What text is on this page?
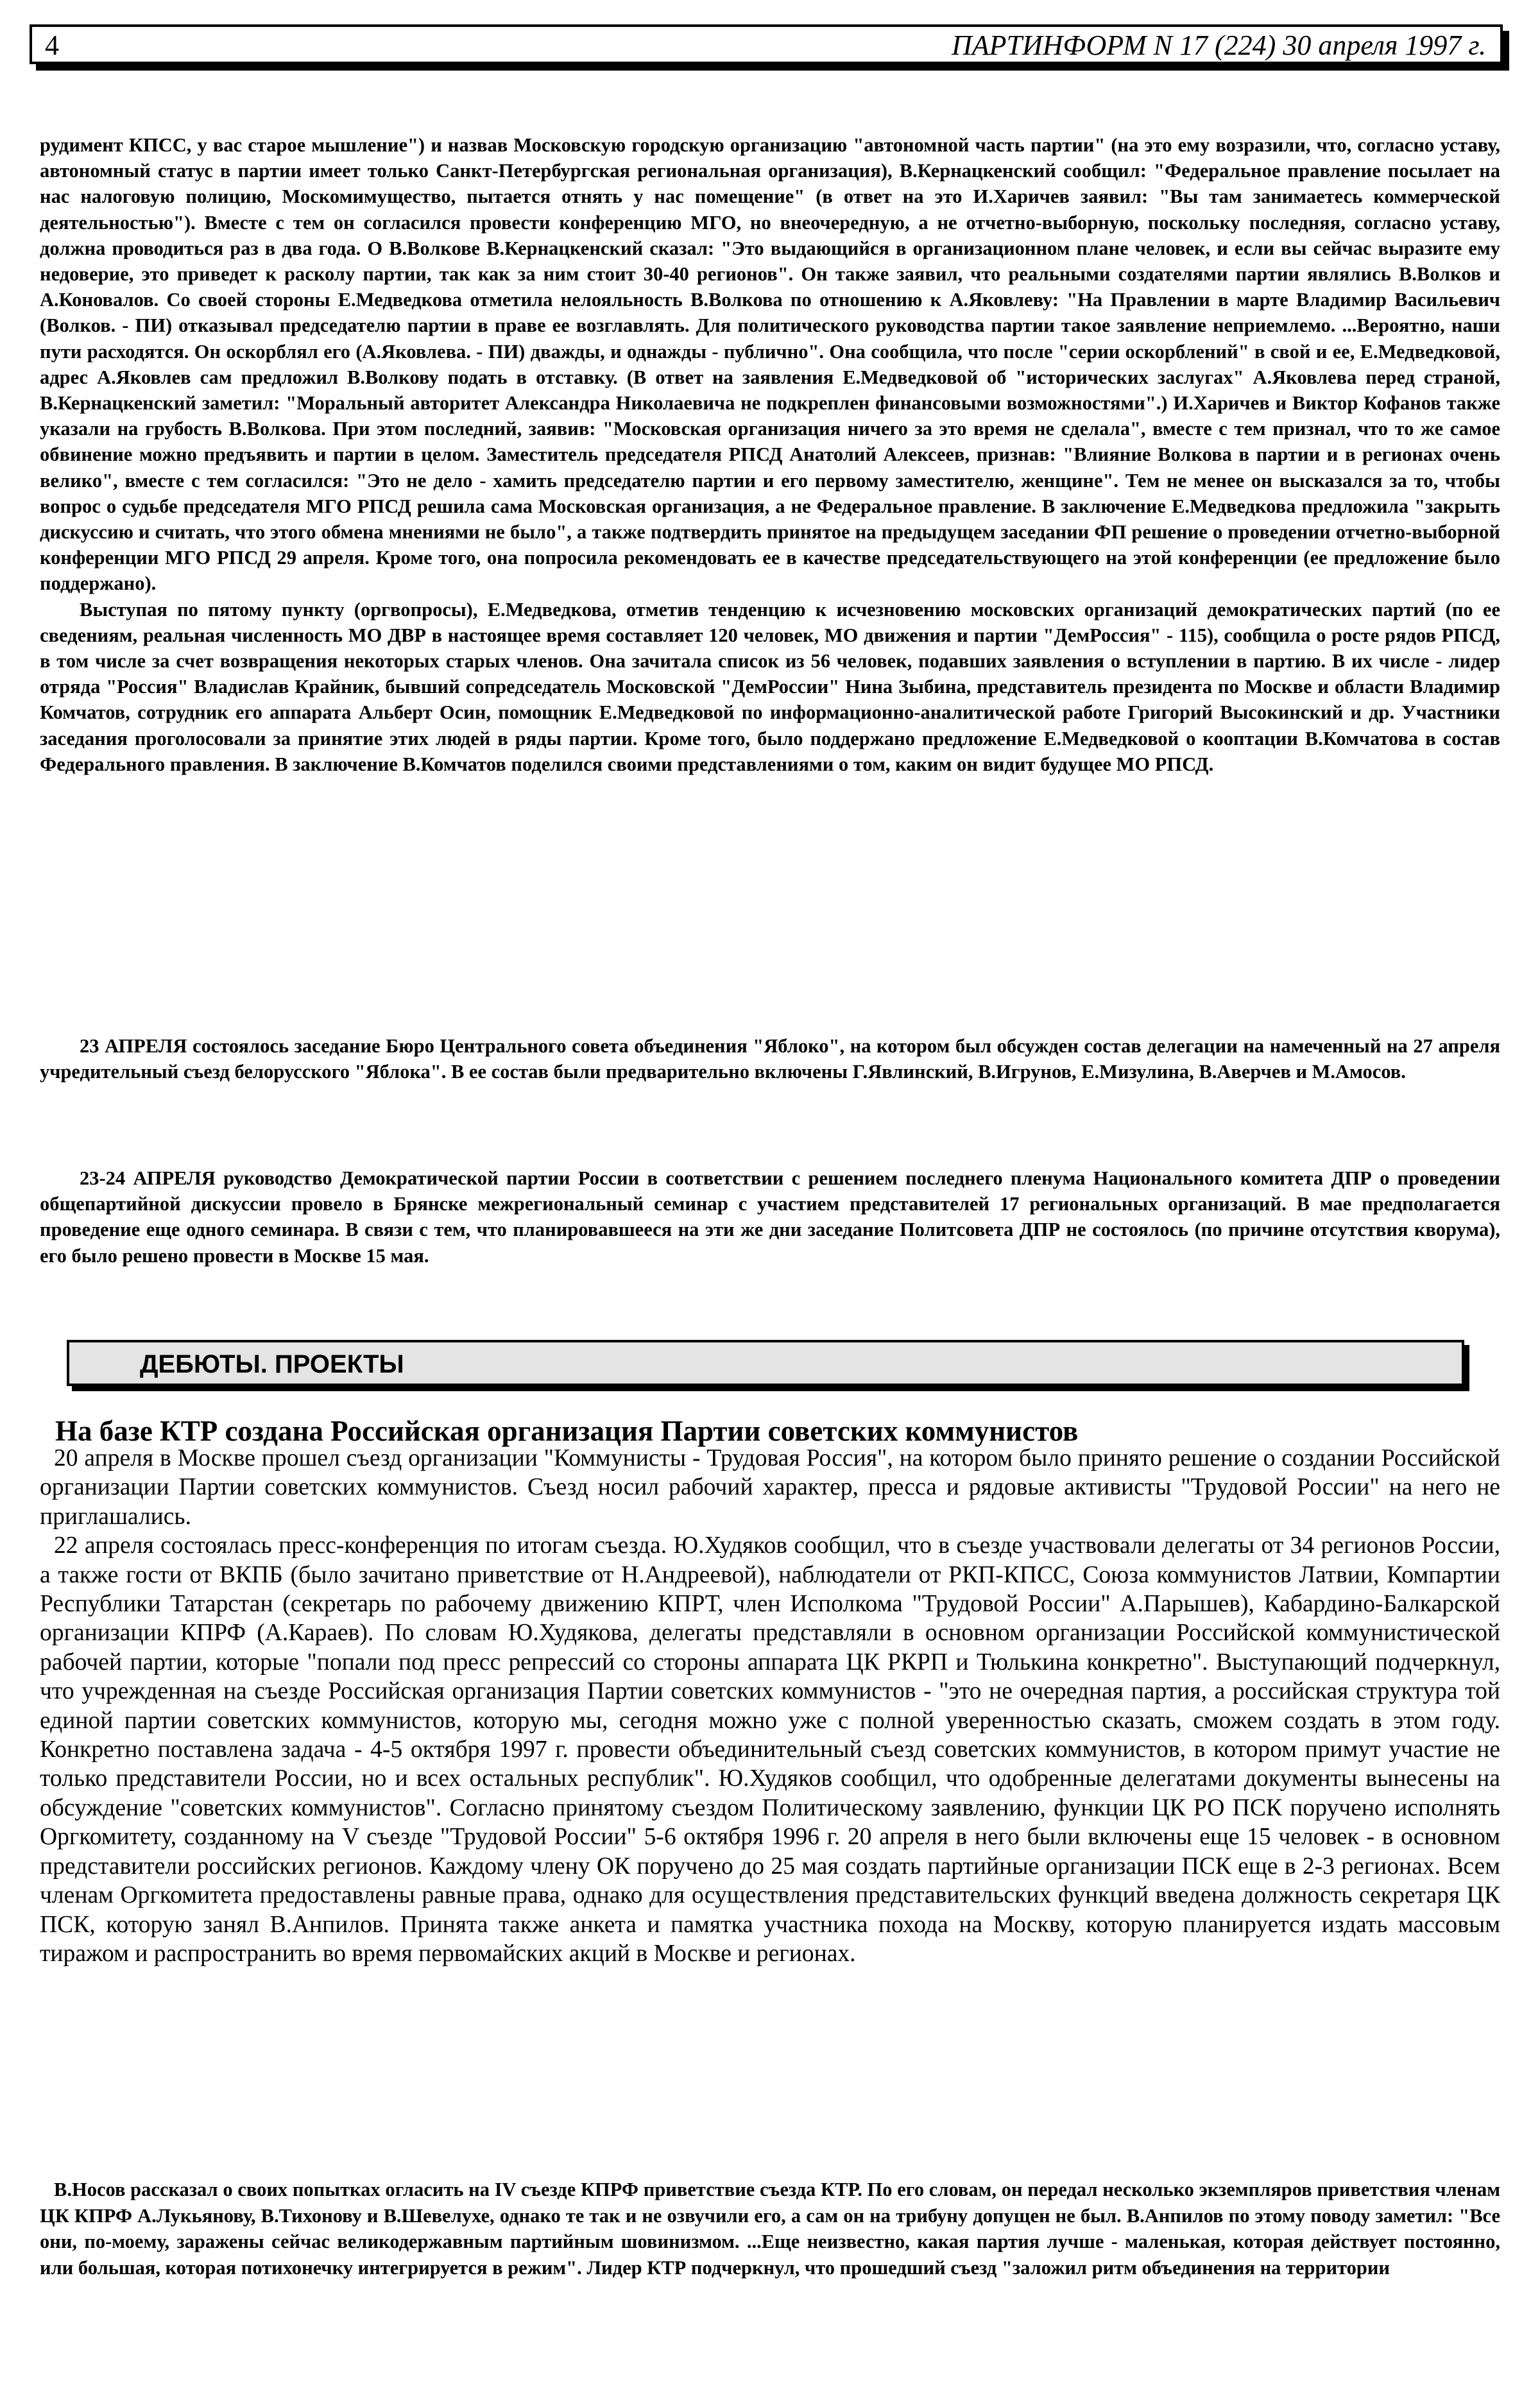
4	ПАРТИНФОРМ N 17 (224) 30 апреля 1997 г.

рудимент КПСС, у вас старое мышление") и назвав Московскую городскую организацию "автономной часть партии" (на это ему возразили, что, согласно уставу, автономный статус в партии имеет только Санкт-Петербургская региональная организация), В.Кернацкенский сообщил: "Федеральное правление посылает на нас налоговую полицию, Москомимущество, пытается отнять у нас помещение" (в ответ на это И.Харичев заявил: "Вы там занимаетесь коммерческой деятельностью"). Вместе с тем он согласился провести конференцию МГО, но внеочередную, а не отчетно-выборную, поскольку последняя, согласно уставу, должна проводиться раз в два года. О В.Волкове В.Кернацкенский сказал: "Это выдающийся в организационном плане человек, и если вы сейчас выразите ему недоверие, это приведет к расколу партии, так как за ним стоит 30-40 регионов". Он также заявил, что реальными создателями партии являлись В.Волков и А.Коновалов. Со своей стороны Е.Медведкова отметила нелояльность В.Волкова по отношению к А.Яковлеву: "На Правлении в марте Владимир Васильевич (Волков. - ПИ) отказывал председателю партии в праве ее возглавлять. Для политического руководства партии такое заявление неприемлемо. ...Вероятно, наши пути расходятся. Он оскорблял его (А.Яковлева. - ПИ) дважды, и однажды - публично". Она сообщила, что после "серии оскорблений" в свой и ее, Е.Медведковой, адрес А.Яковлев сам предложил В.Волкову подать в отставку. (В ответ на заявления Е.Медведковой об "исторических заслугах" А.Яковлева перед страной, В.Кернацкенский заметил: "Моральный авторитет Александра Николаевича не подкреплен финансовыми возможностями".) И.Харичев и Виктор Кофанов также указали на грубость В.Волкова. При этом последний, заявив: "Московская организация ничего за это время не сделала", вместе с тем признал, что то же самое обвинение можно предъявить и партии в целом. Заместитель председателя РПСД Анатолий Алексеев, признав: "Влияние Волкова в партии и в регионах очень велико", вместе с тем согласился: "Это не дело - хамить председателю партии и его первому заместителю, женщине". Тем не менее он высказался за то, чтобы вопрос о судьбе председателя МГО РПСД решила сама Московская организация, а не Федеральное правление. В заключение Е.Медведкова предложила "закрыть дискуссию и считать, что этого обмена мнениями не было", а также подтвердить принятое на предыдущем заседании ФП решение о проведении отчетно-выборной конференции МГО РПСД 29 апреля. Кроме того, она попросила рекомендовать ее в качестве председательствующего на этой конференции (ее предложение было поддержано).

Выступая по пятому пункту (оргвопросы), Е.Медведкова, отметив тенденцию к исчезновению московских организаций демократических партий (по ее сведениям, реальная численность МО ДВР в настоящее время составляет 120 человек, МО движения и партии "ДемРоссия" - 115), сообщила о росте рядов РПСД, в том числе за счет возвращения некоторых старых членов. Она зачитала список из 56 человек, подавших заявления о вступлении в партию. В их числе - лидер отряда "Россия" Владислав Крайник, бывший сопредседатель Московской "ДемРоссии" Нина Зыбина, представитель президента по Москве и области Владимир Комчатов, сотрудник его аппарата Альберт Осин, помощник Е.Медведковой по информационно-аналитической работе Григорий Высокинский и др. Участники заседания проголосовали за принятие этих людей в ряды партии. Кроме того, было поддержано предложение Е.Медведковой о кооптации В.Комчатова в состав Федерального правления. В заключение В.Комчатов поделился своими представлениями о том, каким он видит будущее МО РПСД.

23 АПРЕЛЯ состоялось заседание Бюро Центрального совета объединения "Яблоко", на котором был обсужден состав делегации на намеченный на 27 апреля учредительный съезд белорусского "Яблока". В ее состав были предварительно включены Г.Явлинский, В.Игрунов, Е.Мизулина, В.Аверчев и М.Амосов.

23-24 АПРЕЛЯ руководство Демократической партии России в соответствии с решением последнего пленума Национального комитета ДПР о проведении общепартийной дискуссии провело в Брянске межрегиональный семинар с участием представителей 17 региональных организаций. В мае предполагается проведение еще одного семинара. В связи с тем, что планировавшееся на эти же дни заседание Политсовета ДПР не состоялось (по причине отсутствия кворума), его было решено провести в Москве 15 мая.

ДЕБЮТЫ. ПРОЕКТЫ
На базе КТР создана Российская организация Партии советских коммунистов

20 апреля в Москве прошел съезд организации "Коммунисты - Трудовая Россия", на котором было принято решение о создании Российской организации Партии советских коммунистов. Съезд носил рабочий характер, пресса и рядовые активисты "Трудовой России" на него не приглашались.

22 апреля состоялась пресс-конференция по итогам съезда. Ю.Худяков сообщил, что в съезде участвовали делегаты от 34 регионов России, а также гости от ВКПБ (было зачитано приветствие от Н.Андреевой), наблюдатели от РКП-КПСС, Союза коммунистов Латвии, Компартии Республики Татарстан (секретарь по рабочему движению КПРТ, член Исполкома "Трудовой России" А.Парышев), Кабардино-Балкарской организации КПРФ (А.Караев). По словам Ю.Худякова, делегаты представляли в основном организации Российской коммунистической рабочей партии, которые "попали под пресс репрессий со стороны аппарата ЦК РКРП и Тюлькина конкретно". Выступающий подчеркнул, что учрежденная на съезде Российская организация Партии советских коммунистов - "это не очередная партия, а российская структура той единой партии советских коммунистов, которую мы, сегодня можно уже с полной уверенностью сказать, сможем создать в этом году. Конкретно поставлена задача - 4-5 октября 1997 г. провести объединительный съезд советских коммунистов, в котором примут участие не только представители России, но и всех остальных республик". Ю.Худяков сообщил, что одобренные делегатами документы вынесены на обсуждение "советских коммунистов". Согласно принятому съездом Политическому заявлению, функции ЦК РО ПСК поручено исполнять Оргкомитету, созданному на V съезде "Трудовой России" 5-6 октября 1996 г. 20 апреля в него были включены еще 15 человек - в основном представители российских регионов. Каждому члену ОК поручено до 25 мая создать партийные организации ПСК еще в 2-3 регионах. Всем членам Оргкомитета предоставлены равные права, однако для осуществления представительских функций введена должность секретаря ЦК ПСК, которую занял В.Анпилов. Принята также анкета и памятка участника похода на Москву, которую планируется издать массовым тиражом и распространить во время первомайских акций в Москве и регионах.

В.Носов рассказал о своих попытках огласить на IV съезде КПРФ приветствие съезда КТР. По его словам, он передал несколько экземпляров приветствия членам ЦК КПРФ А.Лукьянову, В.Тихонову и В.Шевелухе, однако те так и не озвучили его, а сам он на трибуну допущен не был. В.Анпилов по этому поводу заметил: "Все они, по-моему, заражены сейчас великодержавным партийным шовинизмом. ...Еще неизвестно, какая партия лучше - маленькая, которая действует постоянно, или большая, которая потихонечку интегрируется в режим". Лидер КТР подчеркнул, что прошедший съезд "заложил ритм объединения на территории
